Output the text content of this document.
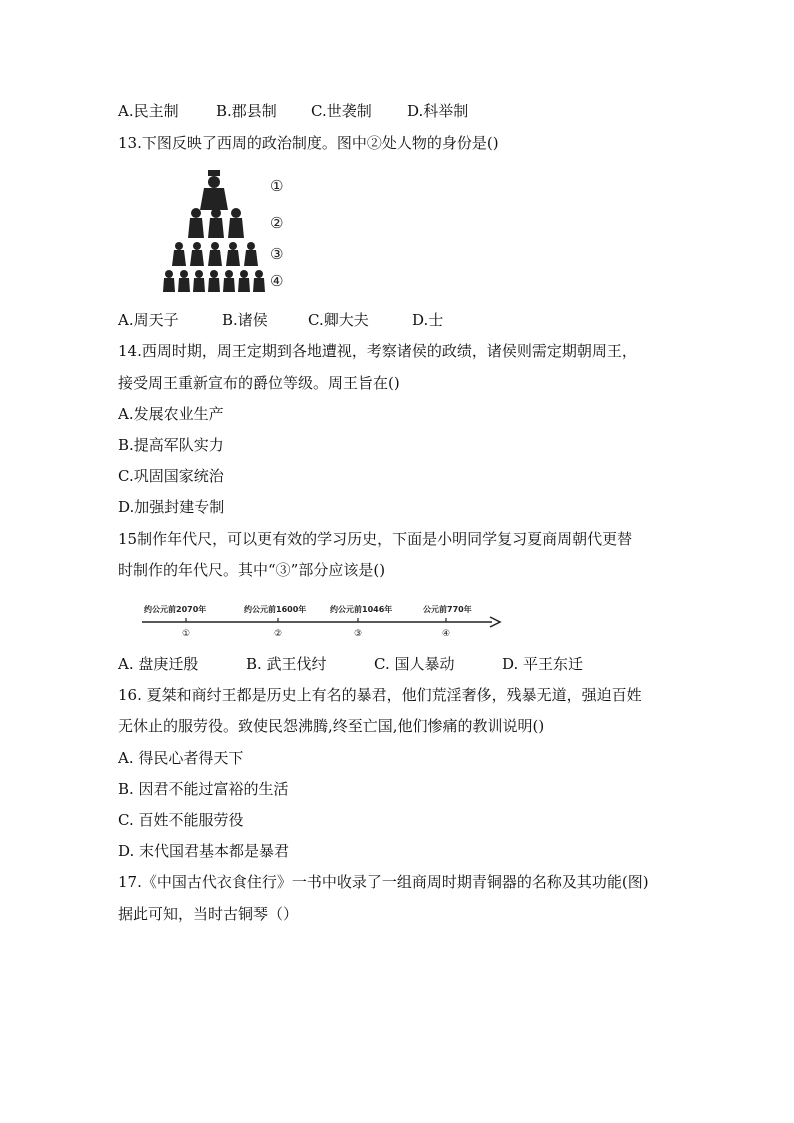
A.民主制 B.郡县制 C.世袭制 D.科举制
13.下图反映了西周的政治制度。图中②处人物的身份是()
①
②
③
④
A.周天子	B.诸侯	C.卿大夫	D.士
14.西周时期，周王定期到各地遭视，考察诸侯的政绩，诸侯则需定期朝周王，
接受周王重新宣布的爵位等级。周王旨在()
A.发展农业生产
B.提高军队实力
C.巩固国家统治
D.加强封建专制
15制作年代尺，可以更有效的学习历史，下面是小明同学复习夏商周朝代更替
时制作的年代尺。其中“③”部分应该是()
约公元前2070年	约公元前1600年	约公元前1046年	公元前770年
①	②	③	④
A. 盘庚迁殷	B. 武王伐纣	C. 国人暴动	D. 平王东迁
16. 夏桀和商纣王都是历史上有名的暴君，他们荒淫奢侈，残暴无道，强迫百姓
无休止的服劳役。致使民怨沸腾,终至亡国,他们惨痛的教训说明()
A. 得民心者得天下
B. 因君不能过富裕的生活
C. 百姓不能服劳役
D. 末代国君基本都是暴君
17.《中国古代衣食住行》一书中收录了一组商周时期青铜器的名称及其功能(图)
据此可知，当时古铜琴（）
